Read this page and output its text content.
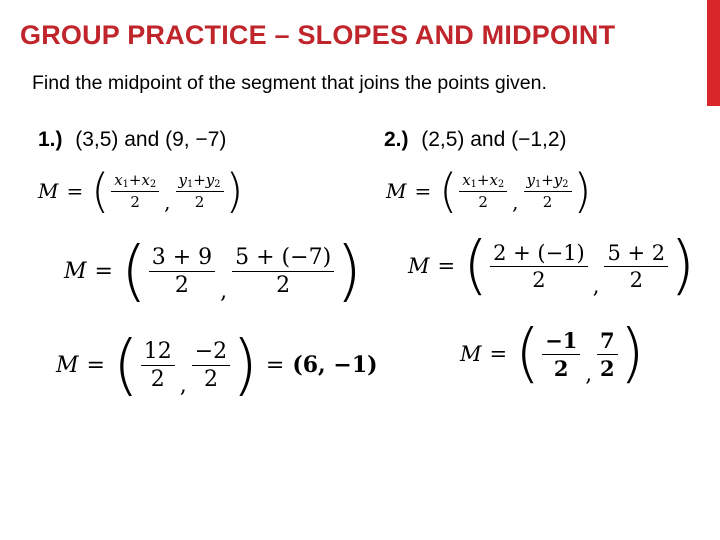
GROUP PRACTICE – SLOPES AND MIDPOINT
Find the midpoint of the segment that joins the points given.
1.) (3,5) and (9, −7)
M = ( $\frac{x1+x2}{2}$ , $\frac{y1+y2}{2}$ )
M = ( $\frac{3 + 9}{2}$ , $\frac{5 + (-7)}{2}$ )
M = ( $\frac{12}{2}$ , $\frac{-2}{2}$ ) = (6, −1)
2.) (2,5) and (−1,2)
M = ( $\frac{x1+x2}{2}$ , $\frac{y1+y2}{2}$ )
M = ( $\frac{2 + (-1)}{2}$ , $\frac{5 + 2}{2}$ )
M = ( $\frac{-1}{2}$ , $\frac{7}{2}$ )
